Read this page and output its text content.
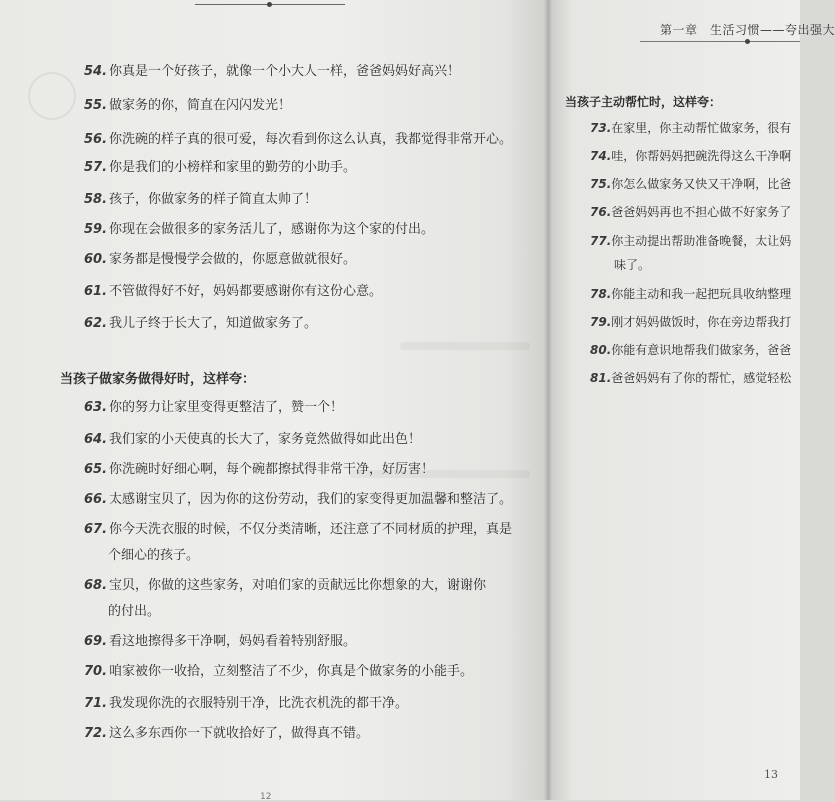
54. 你真是一个好孩子，就像一个小大人一样，爸爸妈妈好高兴！
55. 做家务的你，简直在闪闪发光！
56. 你洗碗的样子真的很可爱，每次看到你这么认真，我都觉得非常开心。
57. 你是我们的小榜样和家里的勤劳的小助手。
58. 孩子，你做家务的样子简直太帅了！
59. 你现在会做很多的家务活儿了，感谢你为这个家的付出。
60. 家务都是慢慢学会做的，你愿意做就很好。
61. 不管做得好不好，妈妈都要感谢你有这份心意。
62. 我儿子终于长大了，知道做家务了。
当孩子做家务做得好时，这样夸：
63. 你的努力让家里变得更整洁了，赞一个！
64. 我们家的小天使真的长大了，家务竟然做得如此出色！
65. 你洗碗时好细心啊，每个碗都擦拭得非常干净，好厉害！
66. 太感谢宝贝了，因为你的这份劳动，我们的家变得更加温馨和整洁了。
67. 你今天洗衣服的时候，不仅分类清晰，还注意了不同材质的护理，真是
个细心的孩子。
68. 宝贝，你做的这些家务，对咱们家的贡献远比你想象的大，谢谢你
的付出。
69. 看这地擦得多干净啊，妈妈看着特别舒服。
70. 咱家被你一收拾，立刻整洁了不少，你真是个做家务的小能手。
71. 我发现你洗的衣服特别干净，比洗衣机洗的都干净。
72. 这么多东西你一下就收拾好了，做得真不错。
12
第一章　生活习惯——夸出强大
当孩子主动帮忙时，这样夸：
73.在家里，你主动帮忙做家务，很有
74.哇，你帮妈妈把碗洗得这么干净啊
75.你怎么做家务又快又干净啊，比爸
76.爸爸妈妈再也不担心做不好家务了
77.你主动提出帮助准备晚餐，太让妈
味了。
78.你能主动和我一起把玩具收纳整理
79.刚才妈妈做饭时，你在旁边帮我打
80.你能有意识地帮我们做家务，爸爸
81.爸爸妈妈有了你的帮忙，感觉轻松
13
